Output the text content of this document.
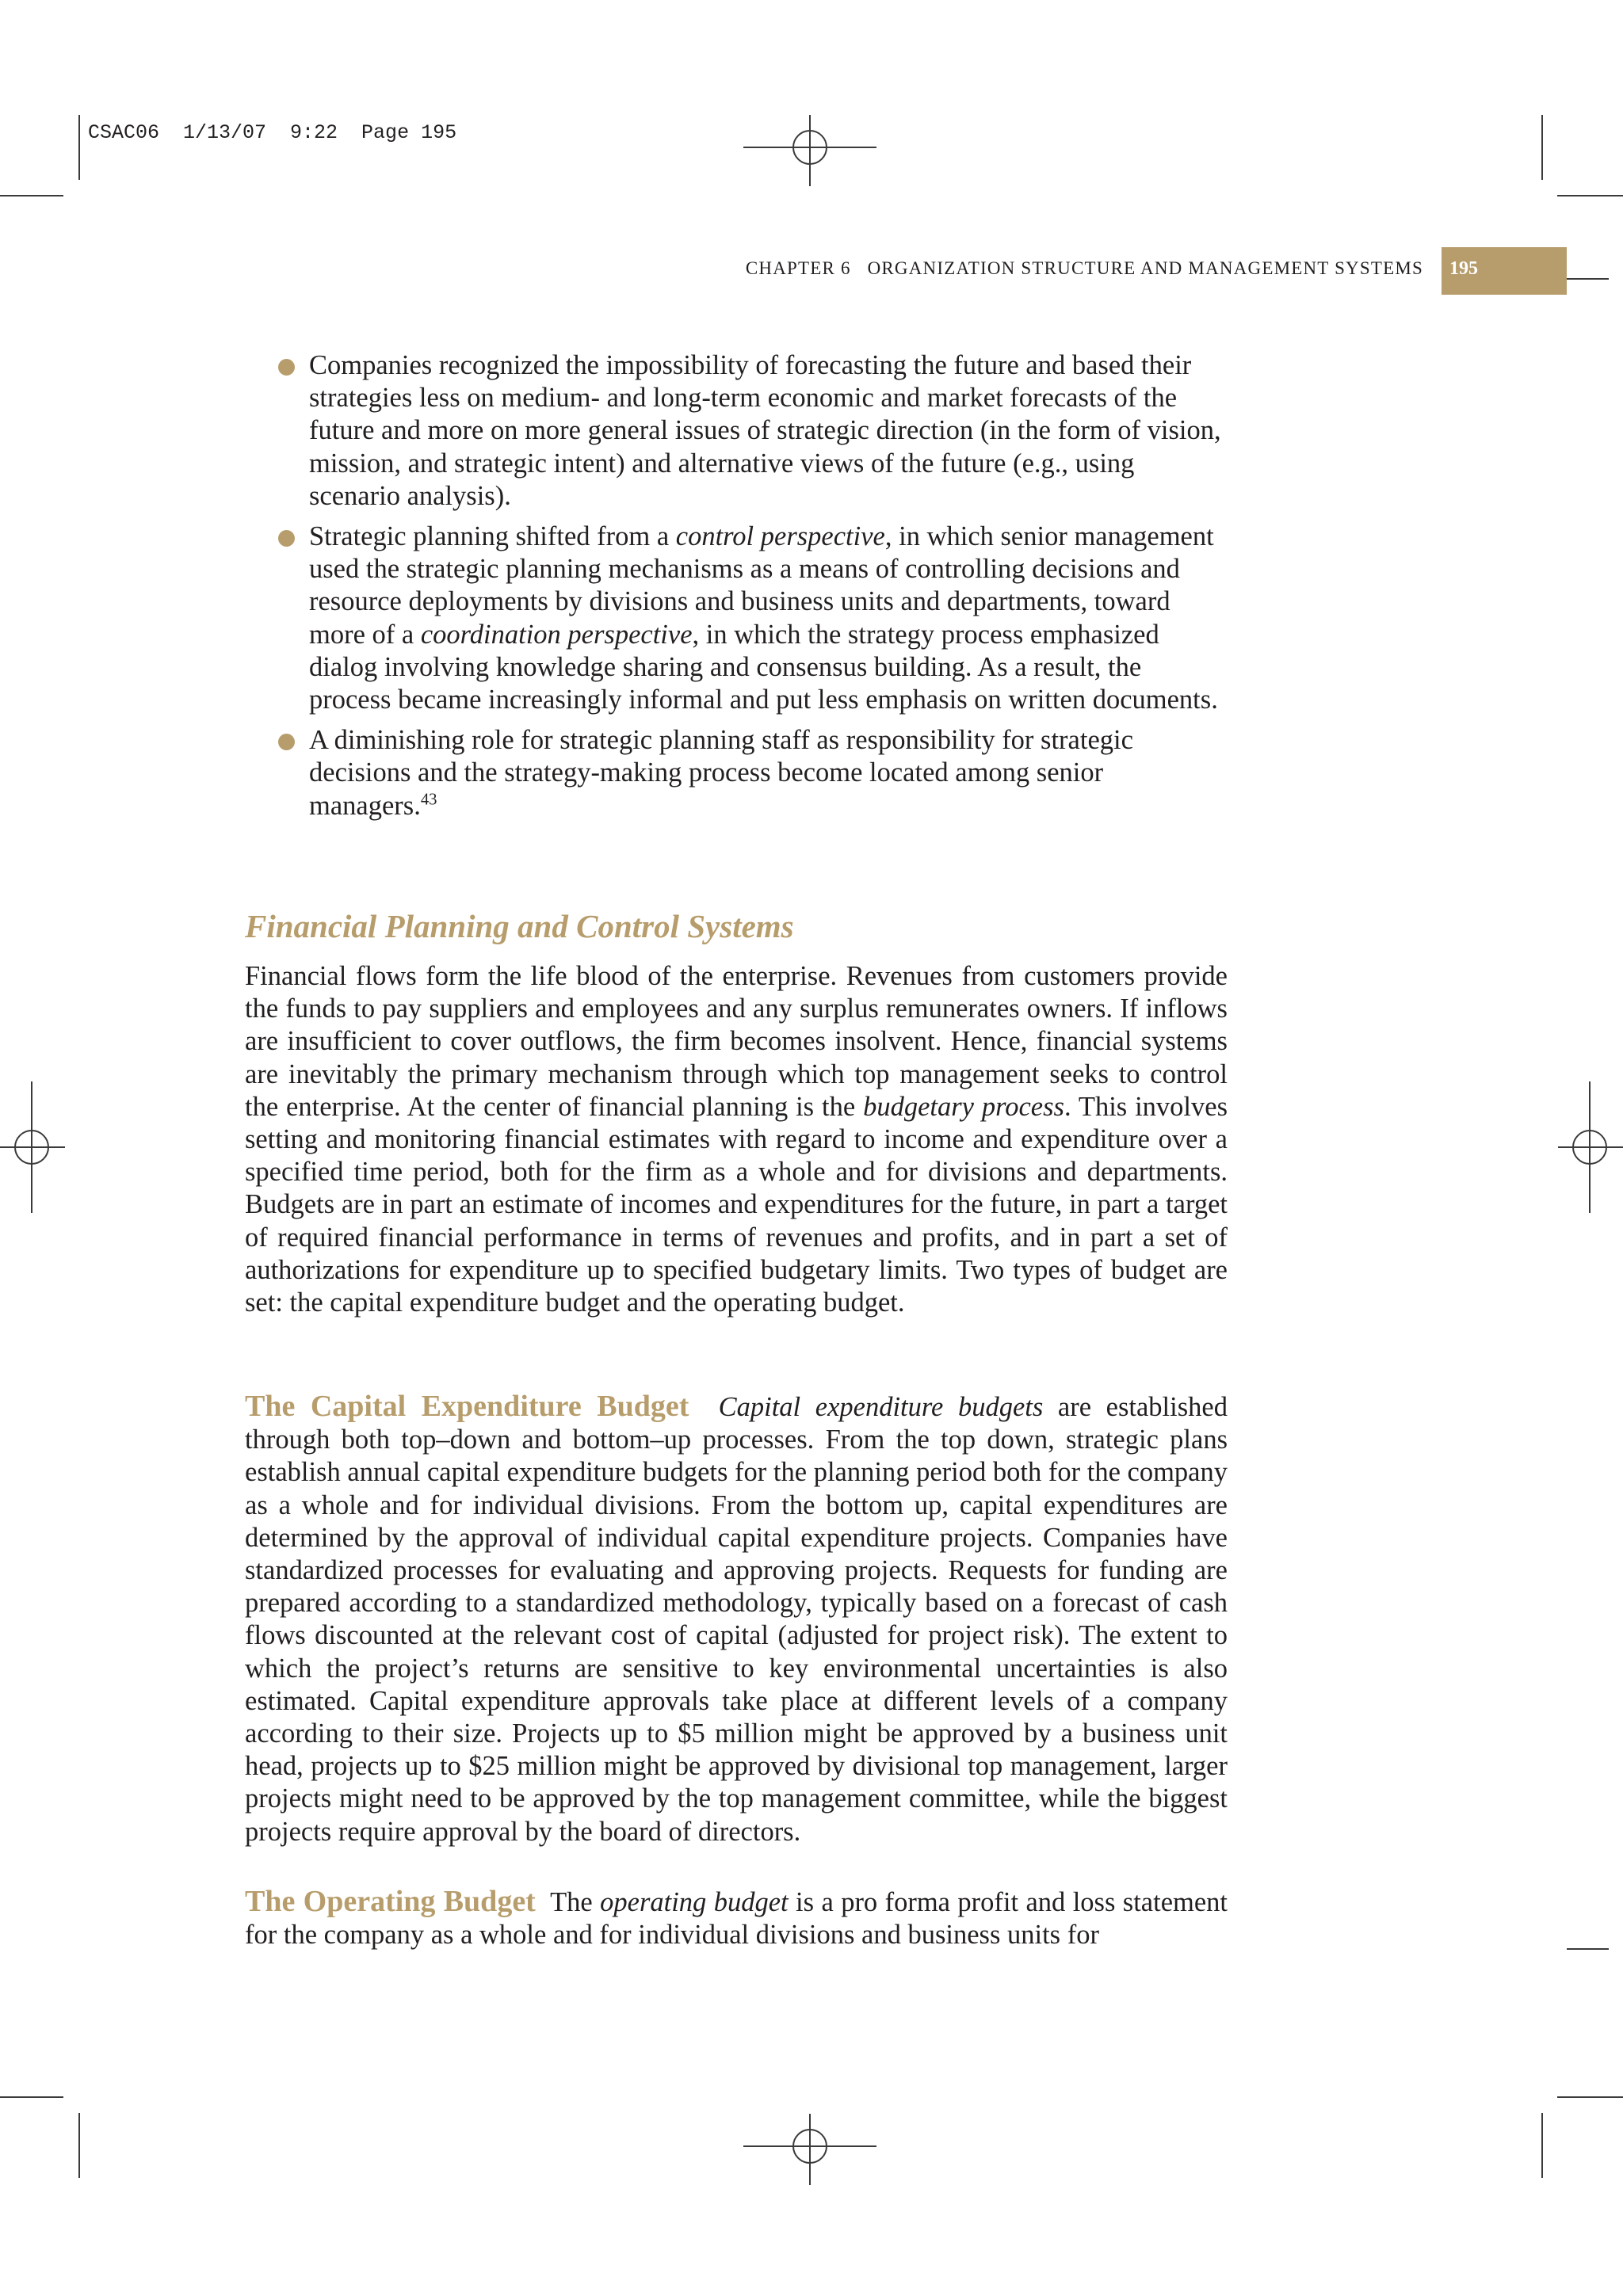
CSAC06  1/13/07  9:22  Page 195
CHAPTER 6 ORGANIZATION STRUCTURE AND MANAGEMENT SYSTEMS 195
Companies recognized the impossibility of forecasting the future and based their strategies less on medium- and long-term economic and market forecasts of the future and more on more general issues of strategic direction (in the form of vision, mission, and strategic intent) and alternative views of the future (e.g., using scenario analysis).
Strategic planning shifted from a control perspective, in which senior management used the strategic planning mechanisms as a means of controlling decisions and resource deployments by divisions and business units and departments, toward more of a coordination perspective, in which the strategy process emphasized dialog involving knowledge sharing and consensus building. As a result, the process became increasingly informal and put less emphasis on written documents.
A diminishing role for strategic planning staff as responsibility for strategic decisions and the strategy-making process become located among senior managers.$^{43}$
Financial Planning and Control Systems
Financial flows form the life blood of the enterprise. Revenues from customers provide the funds to pay suppliers and employees and any surplus remunerates owners. If inflows are insufficient to cover outflows, the firm becomes insolvent. Hence, financial systems are inevitably the primary mechanism through which top management seeks to control the enterprise. At the center of financial planning is the budgetary process. This involves setting and monitoring financial estimates with regard to income and expenditure over a specified time period, both for the firm as a whole and for divisions and departments. Budgets are in part an estimate of incomes and expenditures for the future, in part a target of required financial performance in terms of revenues and profits, and in part a set of authorizations for expenditure up to specified budgetary limits. Two types of budget are set: the capital expenditure budget and the operating budget.
The Capital Expenditure Budget Capital expenditure budgets are established through both top–down and bottom–up processes. From the top down, strategic plans establish annual capital expenditure budgets for the planning period both for the company as a whole and for individual divisions. From the bottom up, capital expenditures are determined by the approval of individual capital expenditure projects. Companies have standardized processes for evaluating and approving projects. Requests for funding are prepared according to a standardized methodology, typically based on a forecast of cash flows discounted at the relevant cost of capital (adjusted for project risk). The extent to which the project’s returns are sensitive to key environmental uncertainties is also estimated. Capital expenditure approvals take place at different levels of a company according to their size. Projects up to $5 million might be approved by a business unit head, projects up to $25 million might be approved by divisional top management, larger projects might need to be approved by the top management committee, while the biggest projects require approval by the board of directors.
The Operating Budget The operating budget is a pro forma profit and loss statement for the company as a whole and for individual divisions and business units for
